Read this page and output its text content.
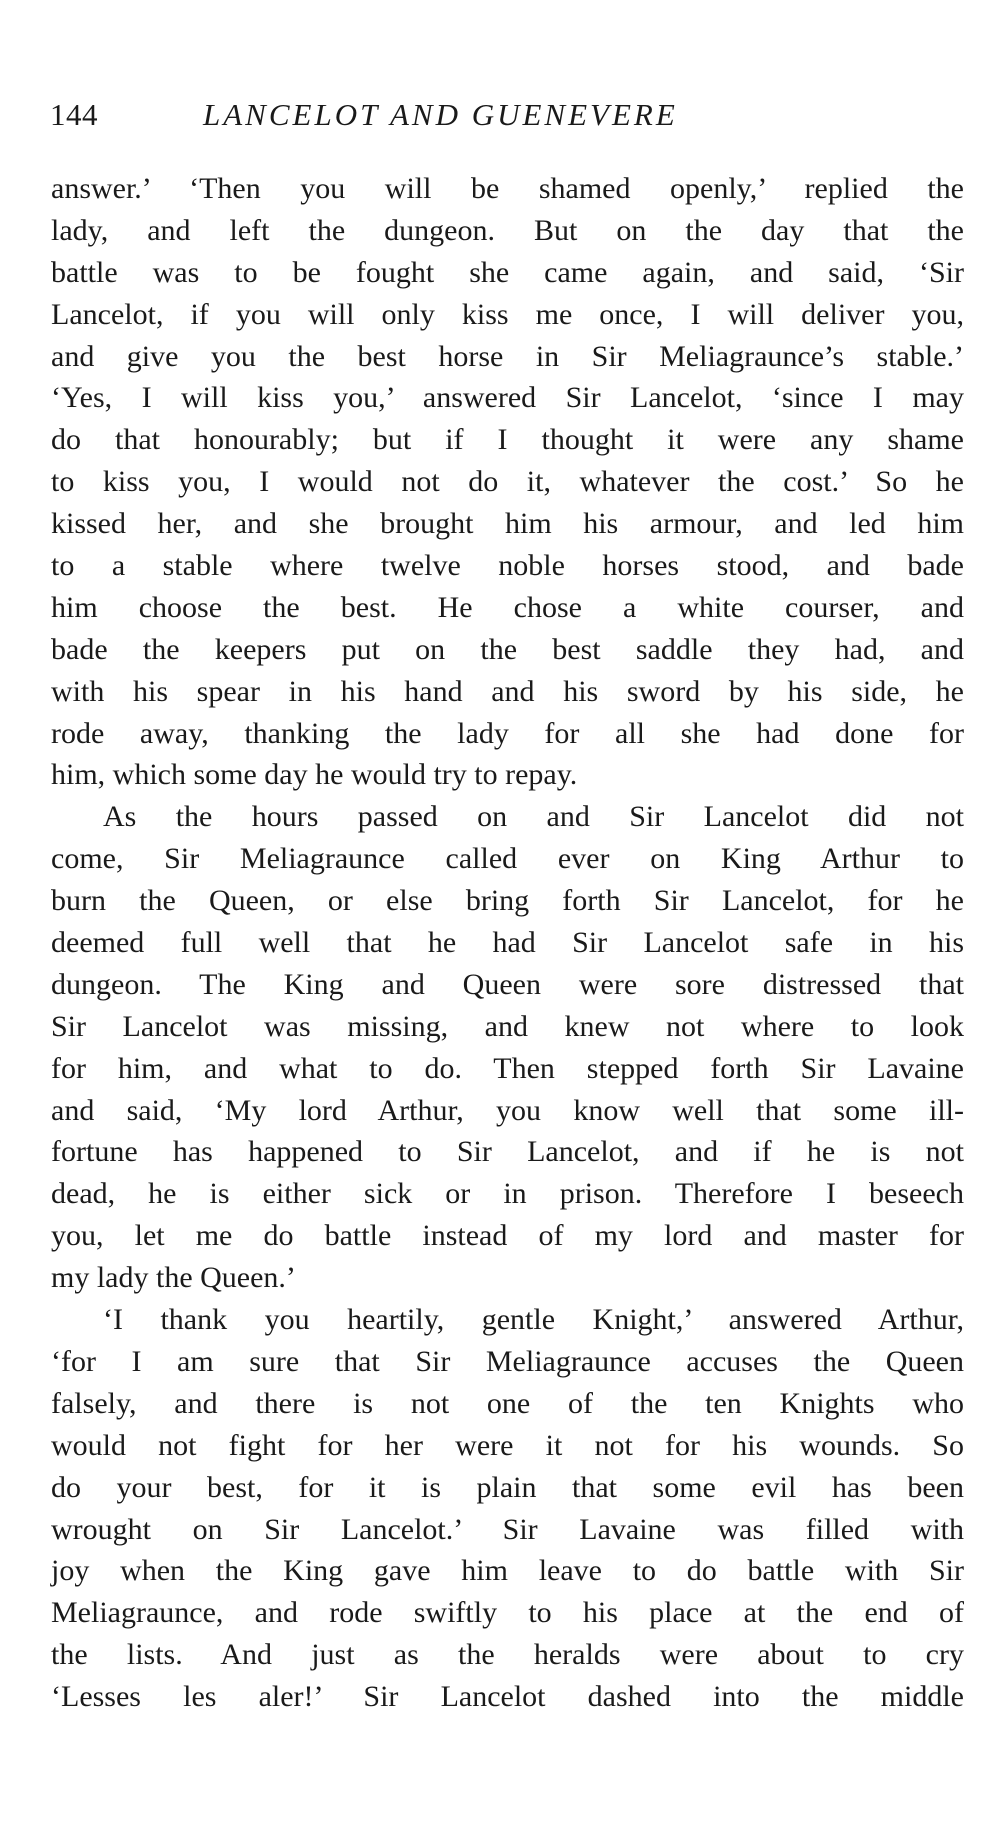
144	LANCELOT AND GUENEVERE
answer.’ ‘Then you will be shamed openly,’ replied the
lady, and left the dungeon. But on the day that the
battle was to be fought she came again, and said, ‘Sir
Lancelot, if you will only kiss me once, I will deliver you,
and give you the best horse in Sir Meliagraunce’s stable.’
‘Yes, I will kiss you,’ answered Sir Lancelot, ‘since I may
do that honourably; but if I thought it were any shame
to kiss you, I would not do it, whatever the cost.’ So he
kissed her, and she brought him his armour, and led him
to a stable where twelve noble horses stood, and bade
him choose the best. He chose a white courser, and
bade the keepers put on the best saddle they had, and
with his spear in his hand and his sword by his side, he
rode away, thanking the lady for all she had done for
him, which some day he would try to repay.
As the hours passed on and Sir Lancelot did not
come, Sir Meliagraunce called ever on King Arthur to
burn the Queen, or else bring forth Sir Lancelot, for he
deemed full well that he had Sir Lancelot safe in his
dungeon. The King and Queen were sore distressed that
Sir Lancelot was missing, and knew not where to look
for him, and what to do. Then stepped forth Sir Lavaine
and said, ‘My lord Arthur, you know well that some ill-
fortune has happened to Sir Lancelot, and if he is not
dead, he is either sick or in prison. Therefore I beseech
you, let me do battle instead of my lord and master for
my lady the Queen.’
‘I thank you heartily, gentle Knight,’ answered Arthur,
‘for I am sure that Sir Meliagraunce accuses the Queen
falsely, and there is not one of the ten Knights who
would not fight for her were it not for his wounds. So
do your best, for it is plain that some evil has been
wrought on Sir Lancelot.’ Sir Lavaine was filled with
joy when the King gave him leave to do battle with Sir
Meliagraunce, and rode swiftly to his place at the end of
the lists. And just as the heralds were about to cry
‘Lesses les aler!’ Sir Lancelot dashed into the middle
